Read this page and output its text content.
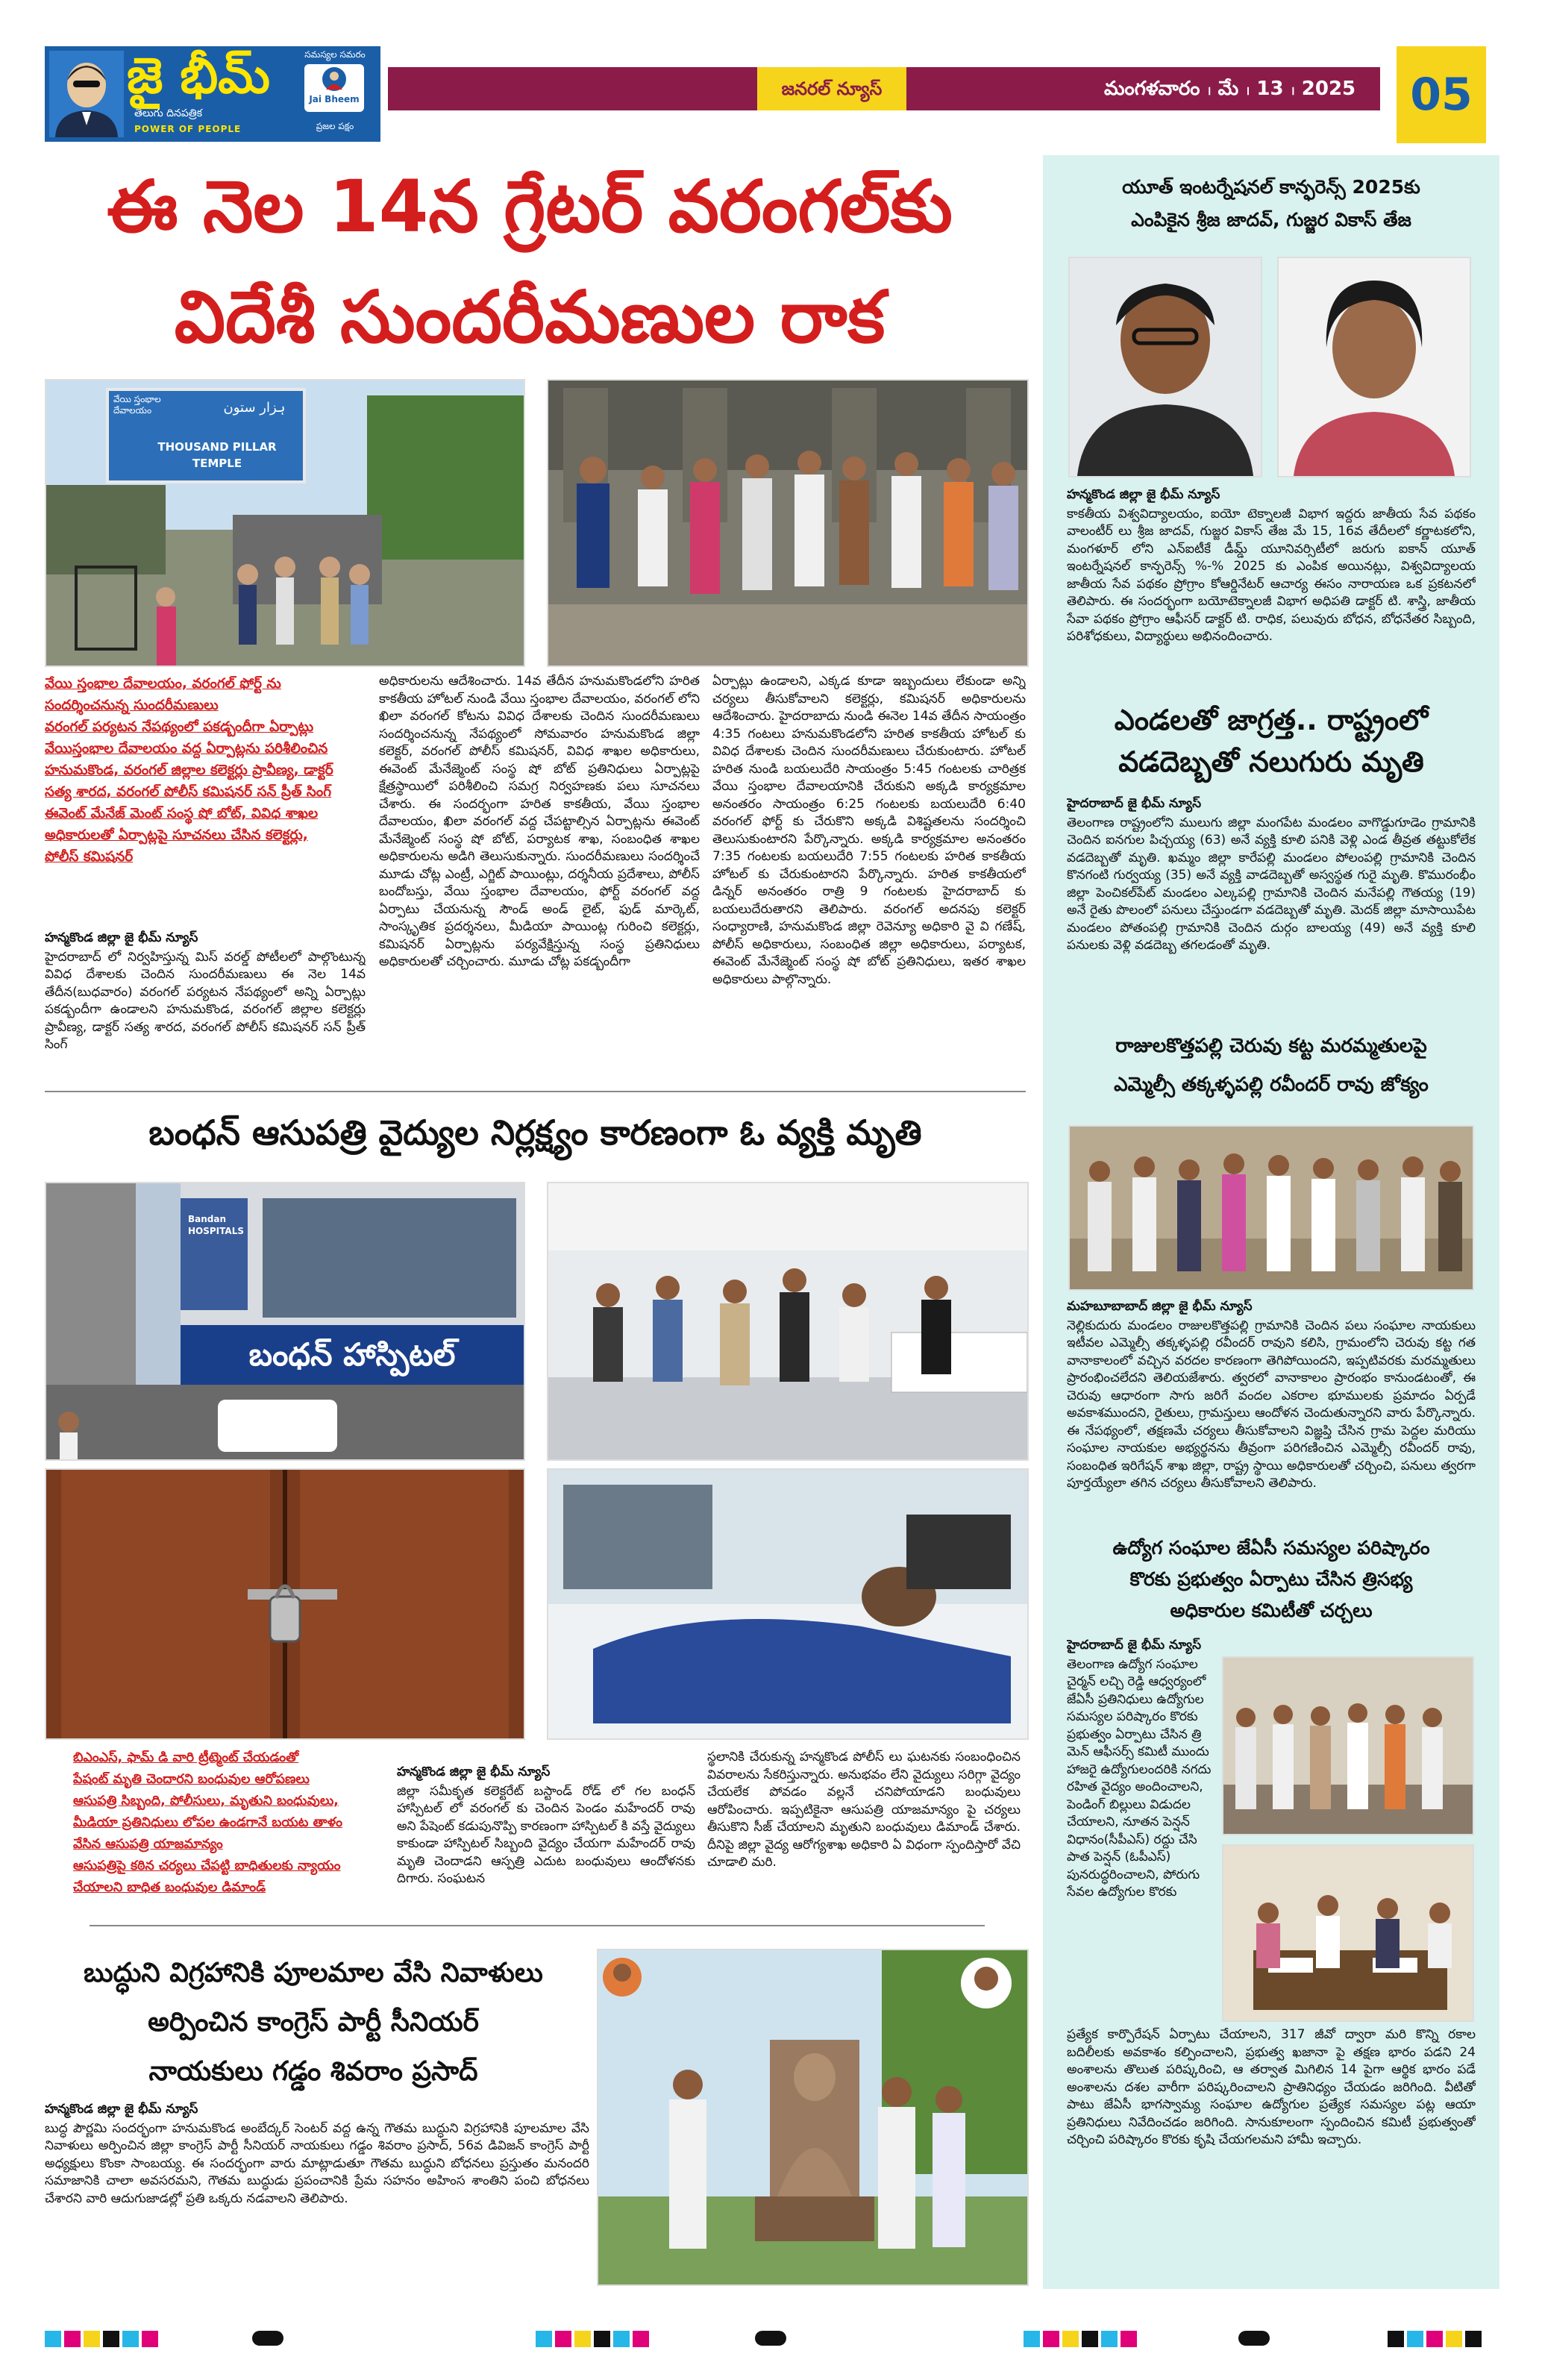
జై భీమ్
తెలుగు దినపత్రిక
POWER OF PEOPLE
సమస్యల సమరం
Jai Bheem
ప్రజల పక్షం
జనరల్ న్యూస్	మంగళవారం । మే । 13 । 2025	05
ఈ నెల 14న గ్రేటర్ వరంగల్‌కు
విదేశీ సుందరీమణుల రాక
వేయి స్తంభాల దేవాలయం	ہزار ستون
THOUSAND PILLAR
TEMPLE

వేయి స్తంభాల దేవాలయం, వరంగల్ ఫోర్ట్ ను

సందర్శించనున్న సుందరీమణులు

వరంగల్ పర్యటన నేపథ్యంలో పకడ్బందీగా ఏర్పాట్లు

వేయిస్తంభాల దేవాలయం వద్ద ఏర్పాట్లను పరిశీలించిన

హనుమకొండ, వరంగల్ జిల్లాల కలెక్టర్లు ప్రావీణ్య, డాక్టర్

సత్య శారద, వరంగల్ పోలీస్ కమిషనర్ సన్ ప్రీత్ సింగ్

ఈవెంట్ మేనేజ్ మెంట్ సంస్థ షో బోట్, వివిధ శాఖల

అధికారులతో ఏర్పాట్లపై సూచనలు చేసిన కలెక్టర్లు,

పోలీస్ కమిషనర్

హన్మకొండ జిల్లా జై భీమ్ న్యూస్

హైదరాబాద్ లో నిర్వహిస్తున్న మిస్ వరల్డ్ పోటీలలో పాల్గొంటున్న వివిధ దేశాలకు చెందిన సుందరీమణులు ఈ నెల 14వ తేదీన(బుధవారం) వరంగల్ పర్యటన నేపథ్యంలో అన్ని ఏర్పాట్లు పకడ్బందీగా ఉండాలని హనుమకొండ, వరంగల్ జిల్లాల కలెక్టర్లు ప్రావీణ్య, డాక్టర్ సత్య శారద, వరంగల్ పోలీస్ కమిషనర్ సన్ ప్రీత్ సింగ్

అధికారులను ఆదేశించారు. 14వ తేదీన హనుమకొండలోని హరిత కాకతీయ హోటల్ నుండి వేయి స్తంభాల దేవాలయం, వరంగల్ లోని ఖిలా వరంగల్ కోటను వివిధ దేశాలకు చెందిన సుందరీమణులు సందర్శించనున్న నేపథ్యంలో సోమవారం హనుమకొండ జిల్లా కలెక్టర్, వరంగల్ పోలీస్ కమిషనర్, వివిధ శాఖల అధికారులు, ఈవెంట్ మేనేజ్మెంట్ సంస్థ షో బోట్ ప్రతినిధులు ఏర్పాట్లపై క్షేత్రస్థాయిలో పరిశీలించి సమగ్ర నిర్వహణకు పలు సూచనలు చేశారు. ఈ సందర్భంగా హరిత కాకతీయ, వేయి స్తంభాల దేవాలయం, ఖిలా వరంగల్ వద్ద చేపట్టాల్సిన ఏర్పాట్లను ఈవెంట్ మేనేజ్మెంట్ సంస్థ షో బోట్, పర్యాటక శాఖ, సంబంధిత శాఖల అధికారులను అడిగి తెలుసుకున్నారు. సుందరీమణులు సందర్శించే మూడు చోట్ల ఎంట్రీ, ఎగ్జిట్ పాయింట్లు, దర్శనీయ ప్రదేశాలు, పోలీస్ బందోబస్తు, వేయి స్తంభాల దేవాలయం, ఫోర్ట్ వరంగల్ వద్ద ఏర్పాటు చేయనున్న సౌండ్ అండ్ లైట్, ఫుడ్ మార్కెట్, సాంస్కృతిక ప్రదర్శనలు, మీడియా పాయింట్ల గురించి కలెక్టర్లు, కమిషనర్ ఏర్పాట్లను పర్యవేక్షిస్తున్న సంస్థ ప్రతినిధులు అధికారులతో చర్చించారు. మూడు చోట్ల పకడ్బందీగా

ఏర్పాట్లు ఉండాలని, ఎక్కడ కూడా ఇబ్బందులు లేకుండా అన్ని చర్యలు తీసుకోవాలని కలెక్టర్లు, కమిషనర్ అధికారులను ఆదేశించారు. హైదరాబాదు నుండి ఈనెల 14వ తేదీన సాయంత్రం 4:35 గంటలు హనుమకొండలోని హరిత కాకతీయ హోటల్ కు వివిధ దేశాలకు చెందిన సుందరీమణులు చేరుకుంటారు. హోటల్ హరిత నుండి బయలుదేరి సాయంత్రం 5:45 గంటలకు చారిత్రక వేయి స్తంభాల దేవాలయానికి చేరుకుని అక్కడి కార్యక్రమాల అనంతరం సాయంత్రం 6:25 గంటలకు బయలుదేరి 6:40 వరంగల్ ఫోర్ట్ కు చేరుకొని అక్కడి విశిష్టతలను సందర్శించి తెలుసుకుంటారని పేర్కొన్నారు. అక్కడి కార్యక్రమాల అనంతరం 7:35 గంటలకు బయలుదేరి 7:55 గంటలకు హరిత కాకతీయ హోటల్ కు చేరుకుంటారని పేర్కొన్నారు. హరిత కాకతీయలో డిన్నర్ అనంతరం రాత్రి 9 గంటలకు హైదరాబాద్ కు బయలుదేరుతారని తెలిపారు. వరంగల్ అదనపు కలెక్టర్ సంధ్యారాణి, హనుమకొండ జిల్లా రెవెన్యూ అధికారి వై వి గణేష్, పోలీస్ అధికారులు, సంబంధిత జిల్లా అధికారులు, పర్యాటక, ఈవెంట్ మేనేజ్మెంట్ సంస్థ షో బోట్ ప్రతినిధులు, ఇతర శాఖల అధికారులు పాల్గొన్నారు.

బంధన్ ఆసుపత్రి వైద్యుల నిర్లక్ష్యం కారణంగా ఓ వ్యక్తి మృతి
Bandan HOSPITALS
బంధన్ హాస్పిటల్

బిఎంఎస్, ఫామ్ డి వారి ట్రీట్మెంట్ చేయడంతో

పేషంట్ మృతి చెందారని బంధువుల ఆరోపణలు

ఆసుపత్రి సిబ్బంది, పోలీసులు, మృతుని బంధువులు,

మీడియా ప్రతినిధులు లోపల ఉండగానే బయట తాళం

వేసిన ఆసుపత్రి యాజమాన్యం

ఆసుపత్రిపై కఠిన చర్యలు చేపట్టి బాధితులకు న్యాయం

చేయాలని బాధిత బంధువుల డిమాండ్

హన్మకొండ జిల్లా జై భీమ్ న్యూస్

జిల్లా సమీకృత కలెక్టరేట్ బస్టాండ్ రోడ్ లో గల బంధన్ హాస్పిటల్ లో వరంగల్ కు చెందిన పెండం మహేందర్ రావు అని పేషెంట్ కడుపునొప్పి కారణంగా హాస్పిటల్ కి వస్తే వైద్యులు కాకుండా హాస్పిటల్ సిబ్బంది వైద్యం చేయగా మహేందర్ రావు మృతి చెందాడని ఆస్పత్రి ఎదుట బంధువులు ఆందోళనకు దిగారు. సంఘటన

స్థలానికి చేరుకున్న హన్మకొండ పోలీస్ లు ఘటనకు సంబంధించిన వివరాలను సేకరిస్తున్నారు. అనుభవం లేని వైద్యులు సరిగ్గా వైద్యం చేయలేక పోవడం వల్లనే చనిపోయాడని బంధువులు ఆరోపించారు. ఇప్పటికైనా ఆసుపత్రి యాజమాన్యం పై చర్యలు తీసుకొని సీజ్ చేయాలని మృతుని బంధువులు డిమాండ్ చేశారు. దీనిపై జిల్లా వైద్య ఆరోగ్యశాఖ అధికారి ఏ విధంగా స్పందిస్తారో వేచి చూడాలి మరి.

బుద్ధుని విగ్రహానికి పూలమాల వేసి నివాళులు
అర్పించిన కాంగ్రెస్ పార్టీ సీనియర్
నాయకులు గడ్డం శివరాం ప్రసాద్
హన్మకొండ జిల్లా జై భీమ్ న్యూస్

బుద్ధ పౌర్ణమి సందర్భంగా హనుమకొండ అంబేద్కర్ సెంటర్ వద్ద ఉన్న గౌతమ బుద్ధుని విగ్రహానికి పూలమాల వేసి నివాళులు అర్పించిన జిల్లా కాంగ్రెస్ పార్టీ సీనియర్ నాయకులు గడ్డం శివరాం ప్రసాద్, 56వ డివిజన్ కాంగ్రెస్ పార్టీ అధ్యక్షులు కొంకా సాంబయ్య. ఈ సందర్భంగా వారు మాట్లాడుతూ గౌతమ బుద్ధుని బోధనలు ప్రస్తుతం మనందరి సమాజానికి చాలా అవసరమని, గౌతమ బుద్ధుడు ప్రపంచానికి ప్రేమ సహనం అహింస శాంతిని పంచి బోధనలు చేశారని వారి ఆదుగుజాడల్లో ప్రతి ఒక్కరు నడవాలని తెలిపారు.

యూత్ ఇంటర్నేషనల్ కాన్ఫరెన్స్ 2025కు
ఎంపికైన శ్రీజ జాదవ్, గుజ్జర వికాస్ తేజ
హన్మకొండ జిల్లా జై భీమ్ న్యూస్

కాకతీయ విశ్వవిద్యాలయం, ఐయో టెక్నాలజీ విభాగ ఇద్దరు జాతీయ సేవ పథకం వాలంటీర్ లు శ్రీజ జాదవ్, గుజ్జర వికాస్ తేజ మే 15, 16వ తేదీలలో కర్ణాటకలోని, మంగళూర్ లోని ఎన్ఐటీకే డీమ్డ్ యూనివర్సిటీలో జరుగు ఐకాన్ యూత్ ఇంటర్నేషనల్ కాన్ఫరెన్స్ %-% 2025 కు ఎంపిక అయినట్లు, విశ్వవిద్యాలయ జాతీయ సేవ పథకం ప్రోగ్రాం కోఆర్డినేటర్ ఆచార్య ఈసం నారాయణ ఒక ప్రకటనలో తెలిపారు. ఈ సందర్భంగా బయోటెక్నాలజీ విభాగ అధిపతి డాక్టర్ టి. శాస్త్రి, జాతీయ సేవా పథకం ప్రోగ్రాం ఆఫీసర్ డాక్టర్ టి. రాధిక, పలువురు బోధన, బోధనేతర సిబ్బంది, పరిశోధకులు, విద్యార్థులు అభినందించారు.

ఎండలతో జాగ్రత్త.. రాష్ట్రంలో
వడదెబ్బతో నలుగురు మృతి
హైదరాబాద్ జై భీమ్ న్యూస్

తెలంగాణ రాష్ట్రంలోని ములుగు జిల్లా మంగపేట మండలం వాగొడ్డుగూడెం గ్రామానికి చెందిన ఐనగుల పిచ్చయ్య (63) అనే వ్యక్తి కూలి పనికి వెళ్లి ఎండ తీవ్రత తట్టుకోలేక వడదెబ్బతో మృతి. ఖమ్మం జిల్లా కారేపల్లి మండలం పోలంపల్లి గ్రామానికి చెందిన కొనగంటి గుర్వయ్య (35) అనే వ్యక్తి వాడదెబ్బతో అస్వస్థత గురై మృతి. కొమురంభీం జిల్లా పెంచికల్‌పేట్ మండలం ఎల్కపల్లి గ్రామానికి చెందిన మనేపల్లి గౌతయ్య (19) అనే రైతు పొలంలో పనులు చేస్తుండగా వడదెబ్బతో మృతి. మెదక్ జిల్లా మాసాయిపేట మండలం పోతంపల్లి గ్రామానికి చెందిన దుర్గం బాలయ్య (49) అనే వ్యక్తి కూలి పనులకు వెళ్లి వడదెబ్బ తగలడంతో మృతి.

రాజులకొత్తపల్లి చెరువు కట్ట మరమ్మతులపై
ఎమ్మెల్సీ తక్కళ్ళపల్లి రవీందర్ రావు జోక్యం
మహబూబాబాద్ జిల్లా జై భీమ్ న్యూస్

నెల్లికుదురు మండలం రాజులకొత్తపల్లి గ్రామానికి చెందిన పలు సంఘాల నాయకులు ఇటీవల ఎమ్మెల్సీ తక్కళ్ళపల్లి రవీందర్ రావుని కలిసి, గ్రామంలోని చెరువు కట్ట గత వానాకాలంలో వచ్చిన వరదల కారణంగా తెగిపోయిందని, ఇప్పటివరకు మరమ్మతులు ప్రారంభించలేదని తెలియజేశారు. త్వరలో వానాకాలం ప్రారంభం కానుండటంతో, ఈ చెరువు ఆధారంగా సాగు జరిగే వందల ఎకరాల భూములకు ప్రమాదం ఏర్పడే అవకాశముందని, రైతులు, గ్రామస్తులు ఆందోళన చెందుతున్నారని వారు పేర్కొన్నారు. ఈ నేపథ్యంలో, తక్షణమే చర్యలు తీసుకోవాలని విజ్ఞప్తి చేసిన గ్రామ పెద్దల మరియు సంఘాల నాయకుల అభ్యర్థనను తీవ్రంగా పరిగణించిన ఎమ్మెల్సీ రవీందర్ రావు, సంబంధిత ఇరిగేషన్ శాఖ జిల్లా, రాష్ట్ర స్థాయి అధికారులతో చర్చించి, పనులు త్వరగా పూర్తయ్యేలా తగిన చర్యలు తీసుకోవాలని తెలిపారు.

ఉద్యోగ సంఘాల జేఏసీ సమస్యల పరిష్కారం
కొరకు ప్రభుత్వం ఏర్పాటు చేసిన త్రిసభ్య
అధికారుల కమిటీతో చర్చలు
హైదరాబాద్ జై భీమ్ న్యూస్

తెలంగాణ ఉద్యోగ సంఘాల చైర్మన్ లచ్చి రెడ్డి ఆధ్వర్యంలో జేఏసీ ప్రతినిధులు ఉద్యోగుల సమస్యల పరిష్కారం కొరకు ప్రభుత్వం ఏర్పాటు చేసిన త్రి మెన్ ఆఫీసర్స్ కమిటీ ముందు హాజరై ఉద్యోగులందరికి నగదు రహిత వైద్యం అందించాలని, పెండింగ్ బిల్లులు విడుదల చేయాలని, నూతన పెన్షన్ విధానం(సీపీఎస్) రద్దు చేసి పాత పెన్షన్ (ఓపీఎస్) పునరుద్ధరించాలని, పోరుగు సేవల ఉద్యోగుల కొరకు

ప్రత్యేక కార్పొరేషన్ ఏర్పాటు చేయాలని, 317 జీవో ద్వారా మరి కొన్ని రకాల బదిలీలకు అవకాశం కల్పించాలని, ప్రభుత్వ ఖజానా పై తక్షణ భారం పడని 24 అంశాలను తొలుత పరిష్కరించి, ఆ తర్వాత మిగిలిన 14 పైగా ఆర్థిక భారం పడే అంశాలను దశల వారీగా పరిష్కరించాలని ప్రాతినిధ్యం చేయడం జరిగింది. వీటితో పాటు జేఏసీ భాగస్వామ్య సంఘాల ఉద్యోగుల ప్రత్యేక సమస్యల పట్ల ఆయా ప్రతినిధులు నివేదించడం జరిగింది. సానుకూలంగా స్పందించిన కమిటీ ప్రభుత్వంతో చర్చించి పరిష్కారం కొరకు కృషి చేయగలమని హామీ ఇచ్చారు.
